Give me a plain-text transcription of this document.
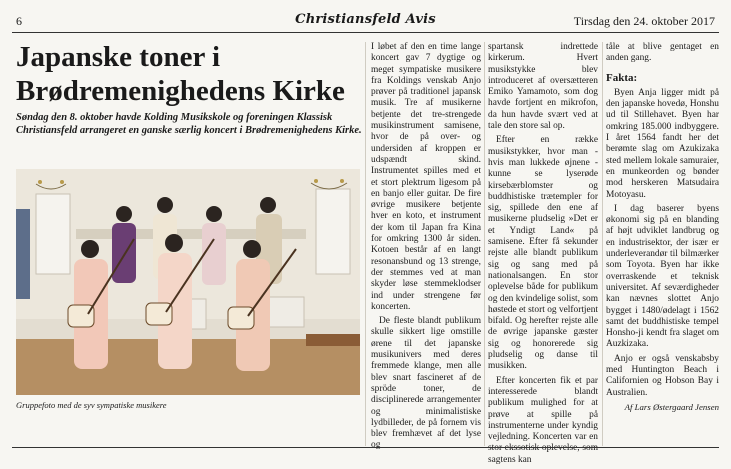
6	Christiansfeld Avis	Tirsdag den 24. oktober 2017
Japanske toner i
Brødremenighedens Kirke

Søndag den 8. oktober havde Kolding Musikskole og foreningen Klassisk Christiansfeld arrangeret en ganske særlig koncert i Brødremenighedens Kirke.

Gruppefoto med de syv sympatiske musikere

I løbet af den en time lange koncert gav 7 dygtige og meget sympatiske musikere fra Koldings venskab Anjo prøver på traditionel japansk musik. Tre af musikerne betjente det tre-strengede musikinstrument samisene, hvor de på over- og undersiden af kroppen er udspændt skind. Instrumentet spilles med et et stort plektrum ligesom på en banjo eller guitar. De fire øvrige musikere betjente hver en koto, et instrument der kom til Japan fra Kina for omkring 1300 år siden. Kotoen består af en langt resonansbund og 13 strenge, der stemmes ved at man skyder løse stemmeklodser ind under strengene før koncerten.

De fleste blandt publikum skulle sikkert lige omstille ørene til det japanske musikunivers med deres fremmede klange, men alle blev snart fascineret af de spröde toner, de disciplinerede arrangementer og minimalistiske lydbilleder, de på fornem vis blev fremhævet af det lyse og

spartansk indrettede kirkerum. Hvert musikstykke blev introduceret af oversætteren Emiko Yamamoto, som dog havde fortjent en mikrofon, da hun havde svært ved at tale den store sal op.

Efter en række musikstykker, hvor man - hvis man lukkede øjnene - kunne se lyserøde kirsebærblomster og buddhistiske trætempler for sig, spillede den ene af musikerne pludselig »Det er et Yndigt Land« på samisene. Efter få sekunder rejste alle blandt publikum sig og sang med på nationalsangen. En stor oplevelse både for publikum og den kvindelige solist, som høstede et stort og velfortjent bifald. Og herefter rejste alle de øvrige japanske gæster sig og honorerede sig pludselig og danse til musikken.

Efter koncerten fik et par interesserede blandt publikum mulighed for at prøve at spille på instrumenterne under kyndig vejledning. Koncerten var en stor ekssotisk oplevelse, som sagtens kan

tåle at blive gentaget en anden gang.

Fakta:

Byen Anja ligger midt på den japanske hovedø, Honshu ud til Stillehavet. Byen har omkring 185.000 indbyggere. I året 1564 fandt her det berømte slag om Azukizaka sted mellem lokale samuraier, en munkeorden og bønder mod herskeren Matsudaira Motoyasu.

I dag baserer byens økonomi sig på en blanding af højt udviklet landbrug og en industrisektor, der især er underleverandør til bilmærker som Toyota. Byen har ikke overraskende et teknisk universitet. Af seværdigheder kan nævnes slottet Anjo bygget i 1480/ødelagt i 1562 samt det buddhistiske tempel Honsho-ji kendt fra slaget om Auzkizaka.

Anjo er også venskabsby med Huntington Beach i Californien og Hobson Bay i Australien.

Af Lars Østergaard Jensen
